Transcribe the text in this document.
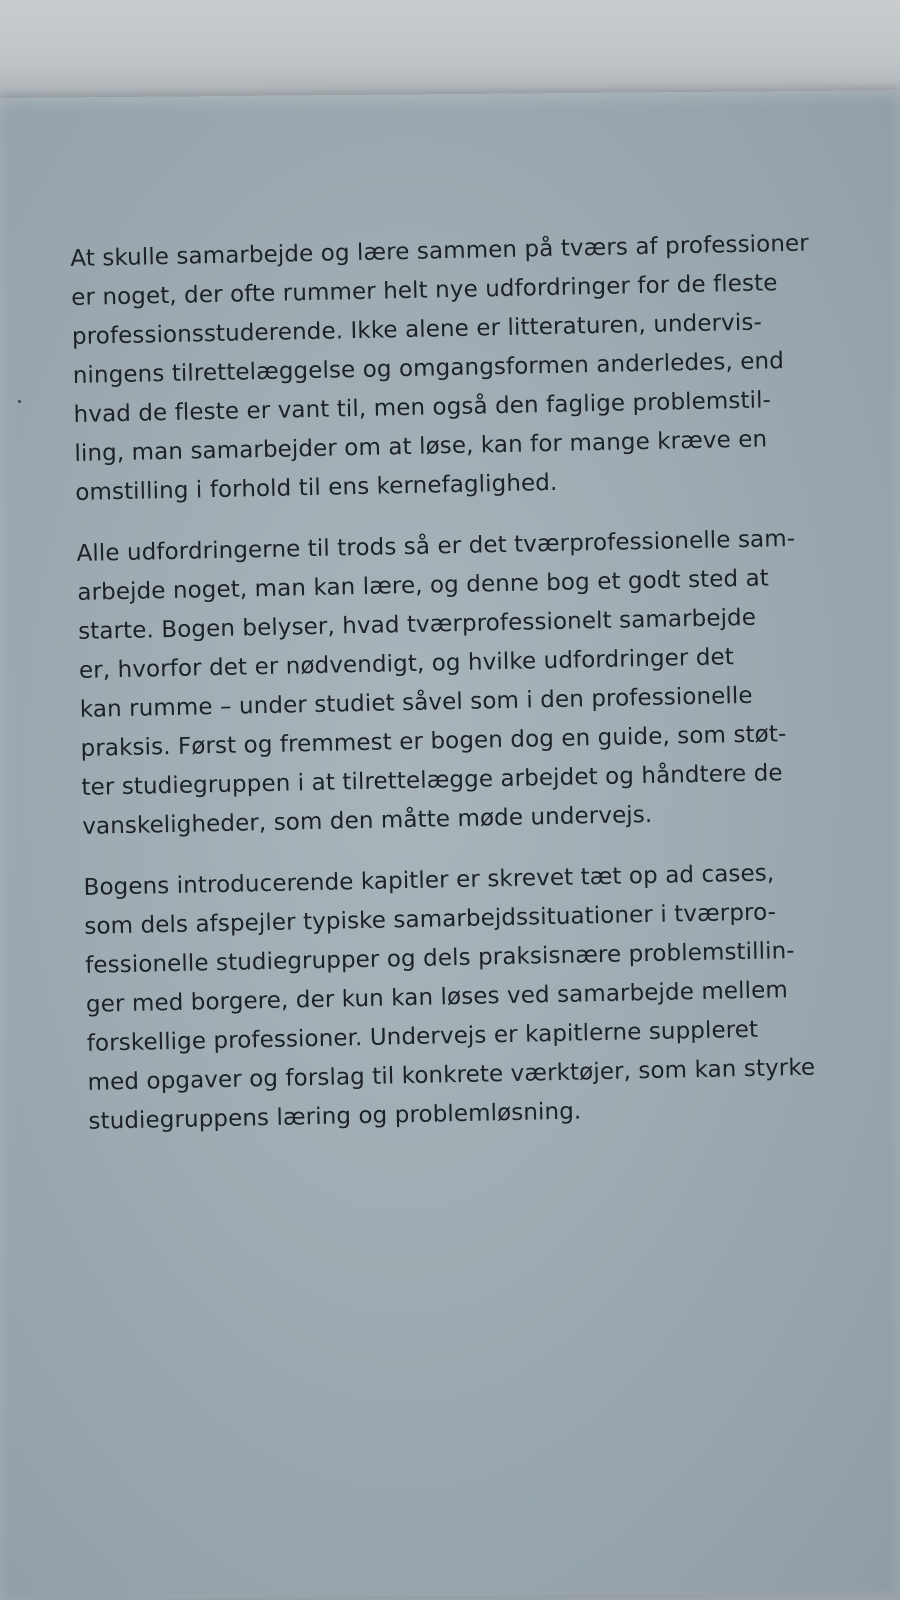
At skulle samarbejde og lære sammen på tværs af professioner
er noget, der ofte rummer helt nye udfordringer for de fleste
professionsstuderende. Ikke alene er litteraturen, undervis-
ningens tilrettelæggelse og omgangsformen anderledes, end
hvad de fleste er vant til, men også den faglige problemstil-
ling, man samarbejder om at løse, kan for mange kræve en
omstilling i forhold til ens kernefaglighed.

Alle udfordringerne til trods så er det tværprofessionelle sam-
arbejde noget, man kan lære, og denne bog et godt sted at
starte. Bogen belyser, hvad tværprofessionelt samarbejde
er, hvorfor det er nødvendigt, og hvilke udfordringer det
kan rumme – under studiet såvel som i den professionelle
praksis. Først og fremmest er bogen dog en guide, som støt-
ter studiegruppen i at tilrettelægge arbejdet og håndtere de
vanskeligheder, som den måtte møde undervejs.

Bogens introducerende kapitler er skrevet tæt op ad cases,
som dels afspejler typiske samarbejdssituationer i tværpro-
fessionelle studiegrupper og dels praksisnære problemstillin-
ger med borgere, der kun kan løses ved samarbejde mellem
forskellige professioner. Undervejs er kapitlerne suppleret
med opgaver og forslag til konkrete værktøjer, som kan styrke
studiegruppens læring og problemløsning.
